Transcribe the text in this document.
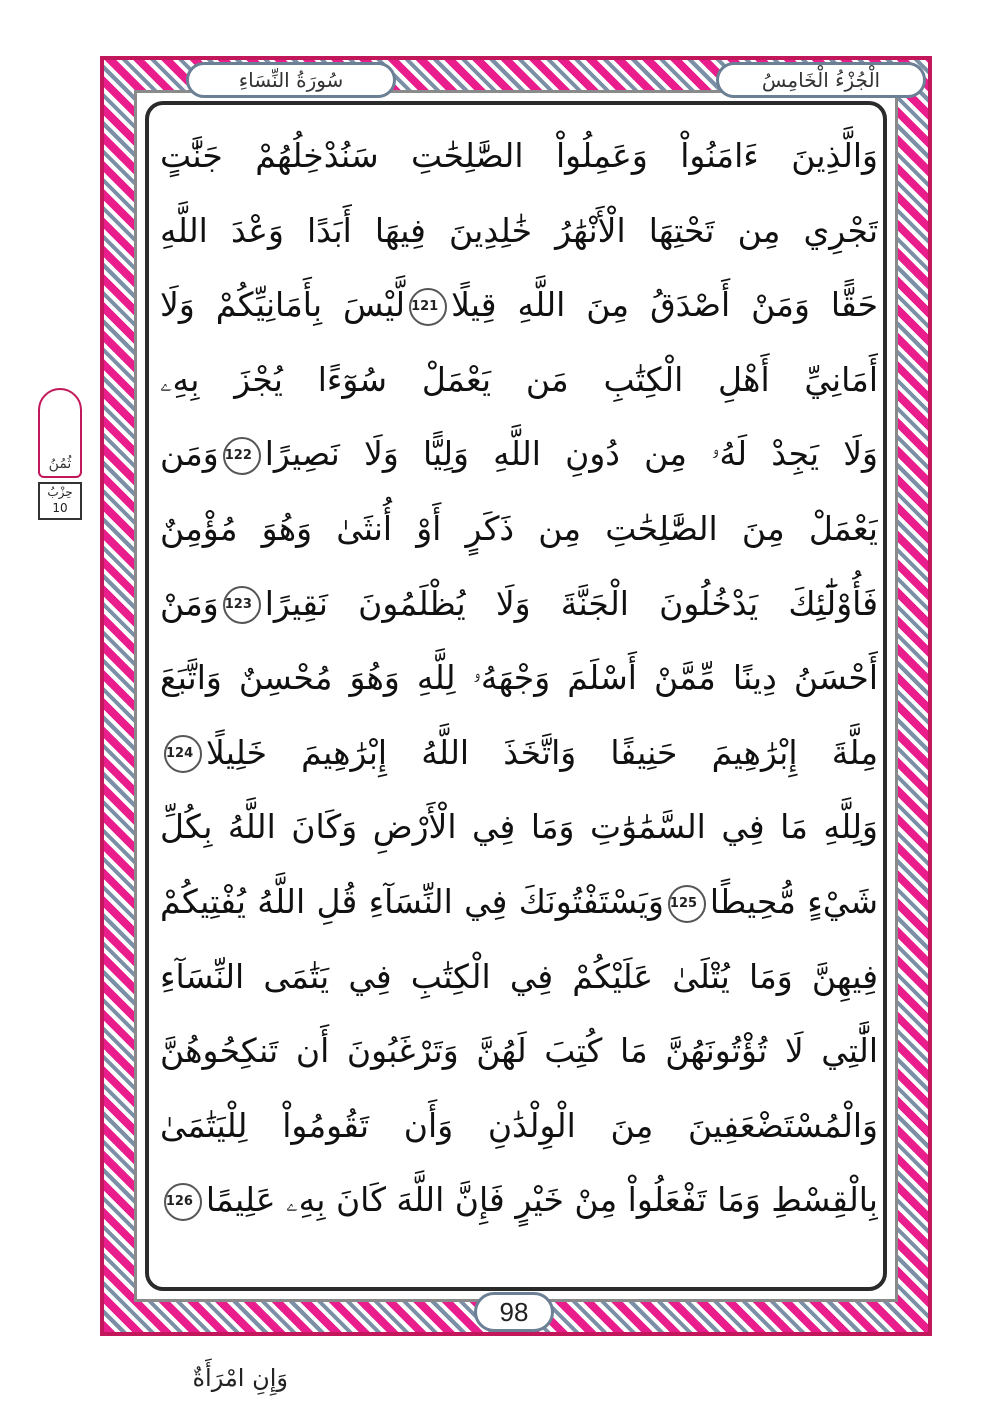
الْجُزْءُ الْخَامِسُ
سُورَةُ النِّسَاءِ
وَالَّذِينَ ءَامَنُواْ وَعَمِلُواْ الصَّٰلِحَٰتِ سَنُدْخِلُهُمْ جَنَّٰتٍ
تَجْرِي مِن تَحْتِهَا الْأَنْهَٰرُ خَٰلِدِينَ فِيهَا أَبَدًا وَعْدَ اللَّهِ
حَقًّا وَمَنْ أَصْدَقُ مِنَ اللَّهِ قِيلًا121لَّيْسَ بِأَمَانِيِّكُمْ وَلَا
أَمَانِيِّ أَهْلِ الْكِتَٰبِ مَن يَعْمَلْ سُوٓءًا يُجْزَ بِهِۦ
وَلَا يَجِدْ لَهُۥ مِن دُونِ اللَّهِ وَلِيًّا وَلَا نَصِيرًا122وَمَن
يَعْمَلْ مِنَ الصَّٰلِحَٰتِ مِن ذَكَرٍ أَوْ أُنثَىٰ وَهُوَ مُؤْمِنٌ
فَأُوْلَٰٓئِكَ يَدْخُلُونَ الْجَنَّةَ وَلَا يُظْلَمُونَ نَقِيرًا123وَمَنْ
أَحْسَنُ دِينًا مِّمَّنْ أَسْلَمَ وَجْهَهُۥ لِلَّهِ وَهُوَ مُحْسِنٌ وَاتَّبَعَ
مِلَّةَ إِبْرَٰهِيمَ حَنِيفًا وَاتَّخَذَ اللَّهُ إِبْرَٰهِيمَ خَلِيلًا124
وَلِلَّهِ مَا فِي السَّمَٰوَٰتِ وَمَا فِي الْأَرْضِ وَكَانَ اللَّهُ بِكُلِّ
شَيْءٍ مُّحِيطًا125وَيَسْتَفْتُونَكَ فِي النِّسَآءِ قُلِ اللَّهُ يُفْتِيكُمْ
فِيهِنَّ وَمَا يُتْلَىٰ عَلَيْكُمْ فِي الْكِتَٰبِ فِي يَتَٰمَى النِّسَآءِ
الَّٰتِي لَا تُؤْتُونَهُنَّ مَا كُتِبَ لَهُنَّ وَتَرْغَبُونَ أَن تَنكِحُوهُنَّ
وَالْمُسْتَضْعَفِينَ مِنَ الْوِلْدَٰنِ وَأَن تَقُومُواْ لِلْيَتَٰمَىٰ
بِالْقِسْطِ وَمَا تَفْعَلُواْ مِنْ خَيْرٍ فَإِنَّ اللَّهَ كَانَ بِهِۦ عَلِيمًا126
ثُمُنُ
حِزْبُ
10
98
وَإِنِ امْرَأَةٌ
